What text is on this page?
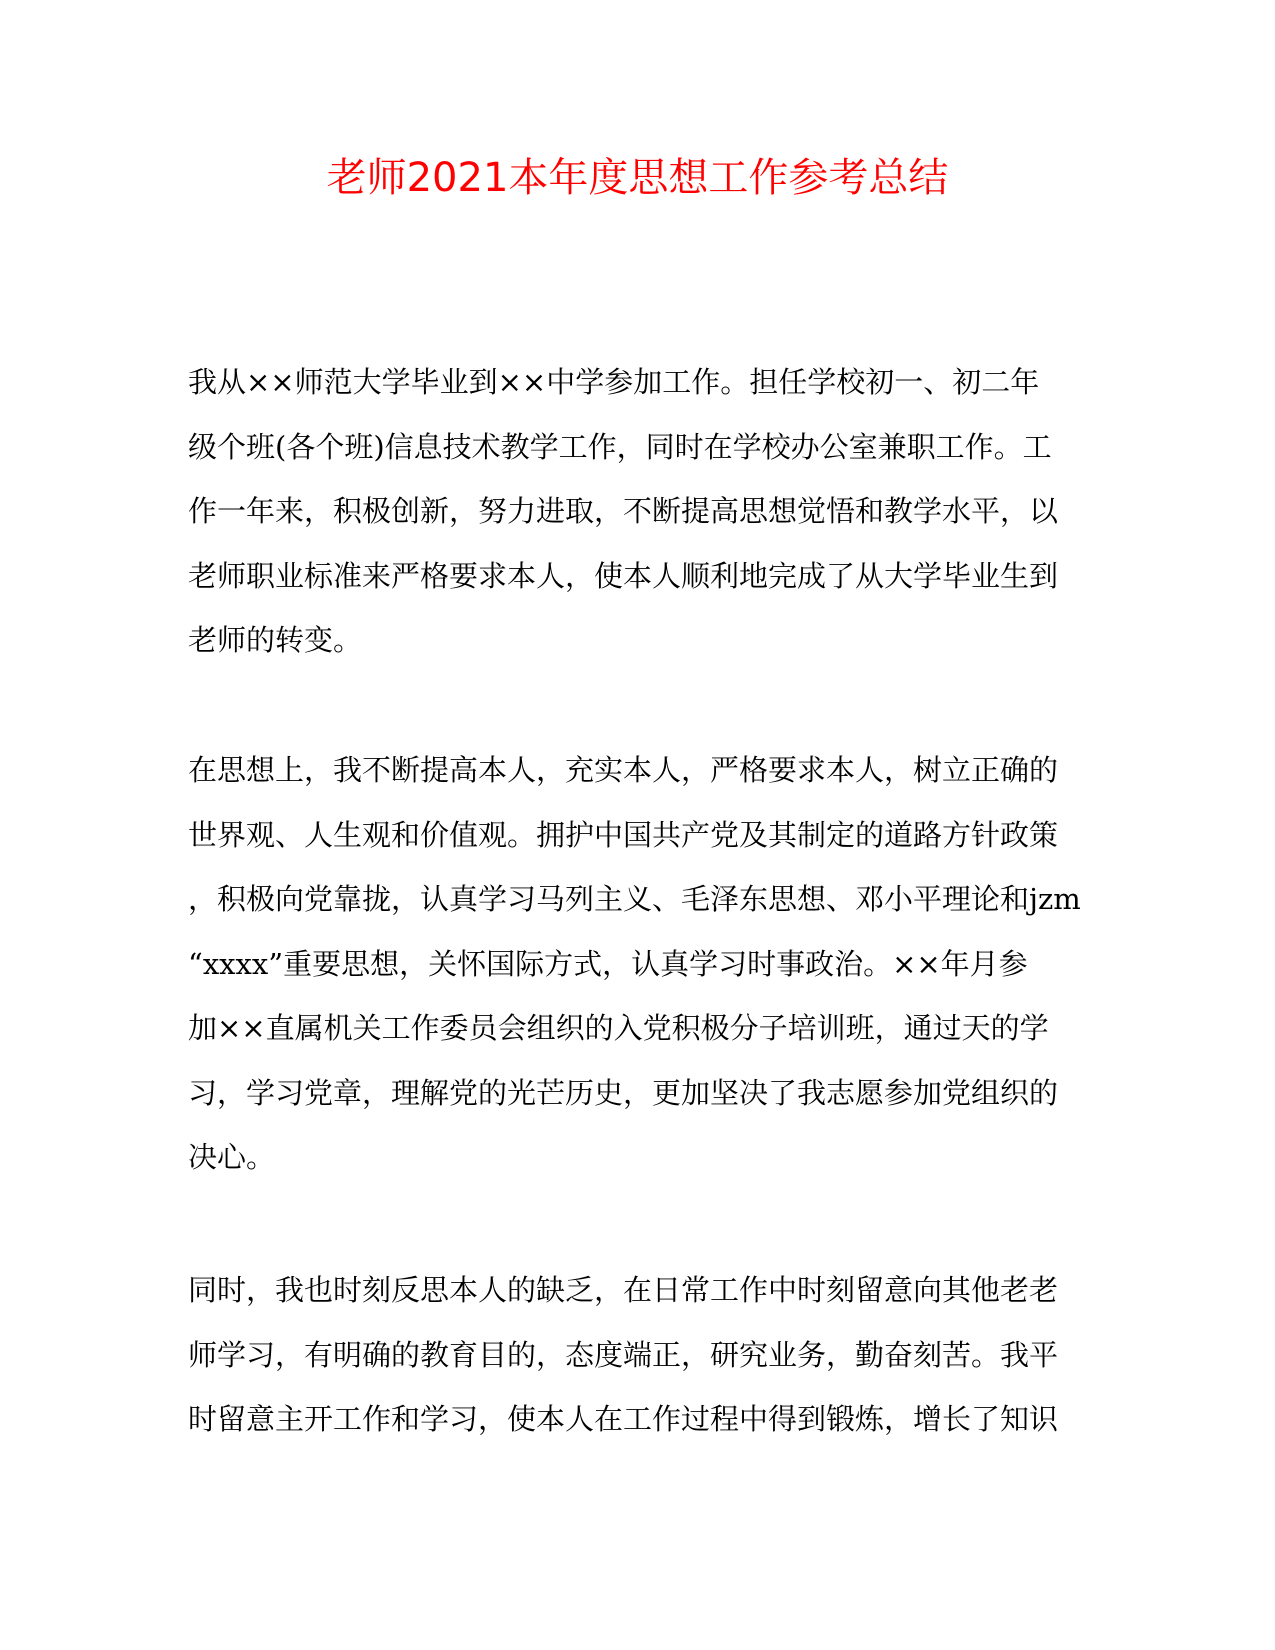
老师2021本年度思想工作参考总结
我从××师范大学毕业到××中学参加工作。担任学校初一、初二年
级个班(各个班)信息技术教学工作，同时在学校办公室兼职工作。工
作一年来，积极创新，努力进取，不断提高思想觉悟和教学水平，以
老师职业标准来严格要求本人，使本人顺利地完成了从大学毕业生到
老师的转变。
在思想上，我不断提高本人，充实本人，严格要求本人，树立正确的
世界观、人生观和价值观。拥护中国共产党及其制定的道路方针政策
，积极向党靠拢，认真学习马列主义、毛泽东思想、邓小平理论和jzm
“xxxx”重要思想，关怀国际方式，认真学习时事政治。××年月参
加××直属机关工作委员会组织的入党积极分子培训班，通过天的学
习，学习党章，理解党的光芒历史，更加坚决了我志愿参加党组织的
决心。
同时，我也时刻反思本人的缺乏，在日常工作中时刻留意向其他老老
师学习，有明确的教育目的，态度端正，研究业务，勤奋刻苦。我平
时留意主开工作和学习，使本人在工作过程中得到锻炼，增长了知识
